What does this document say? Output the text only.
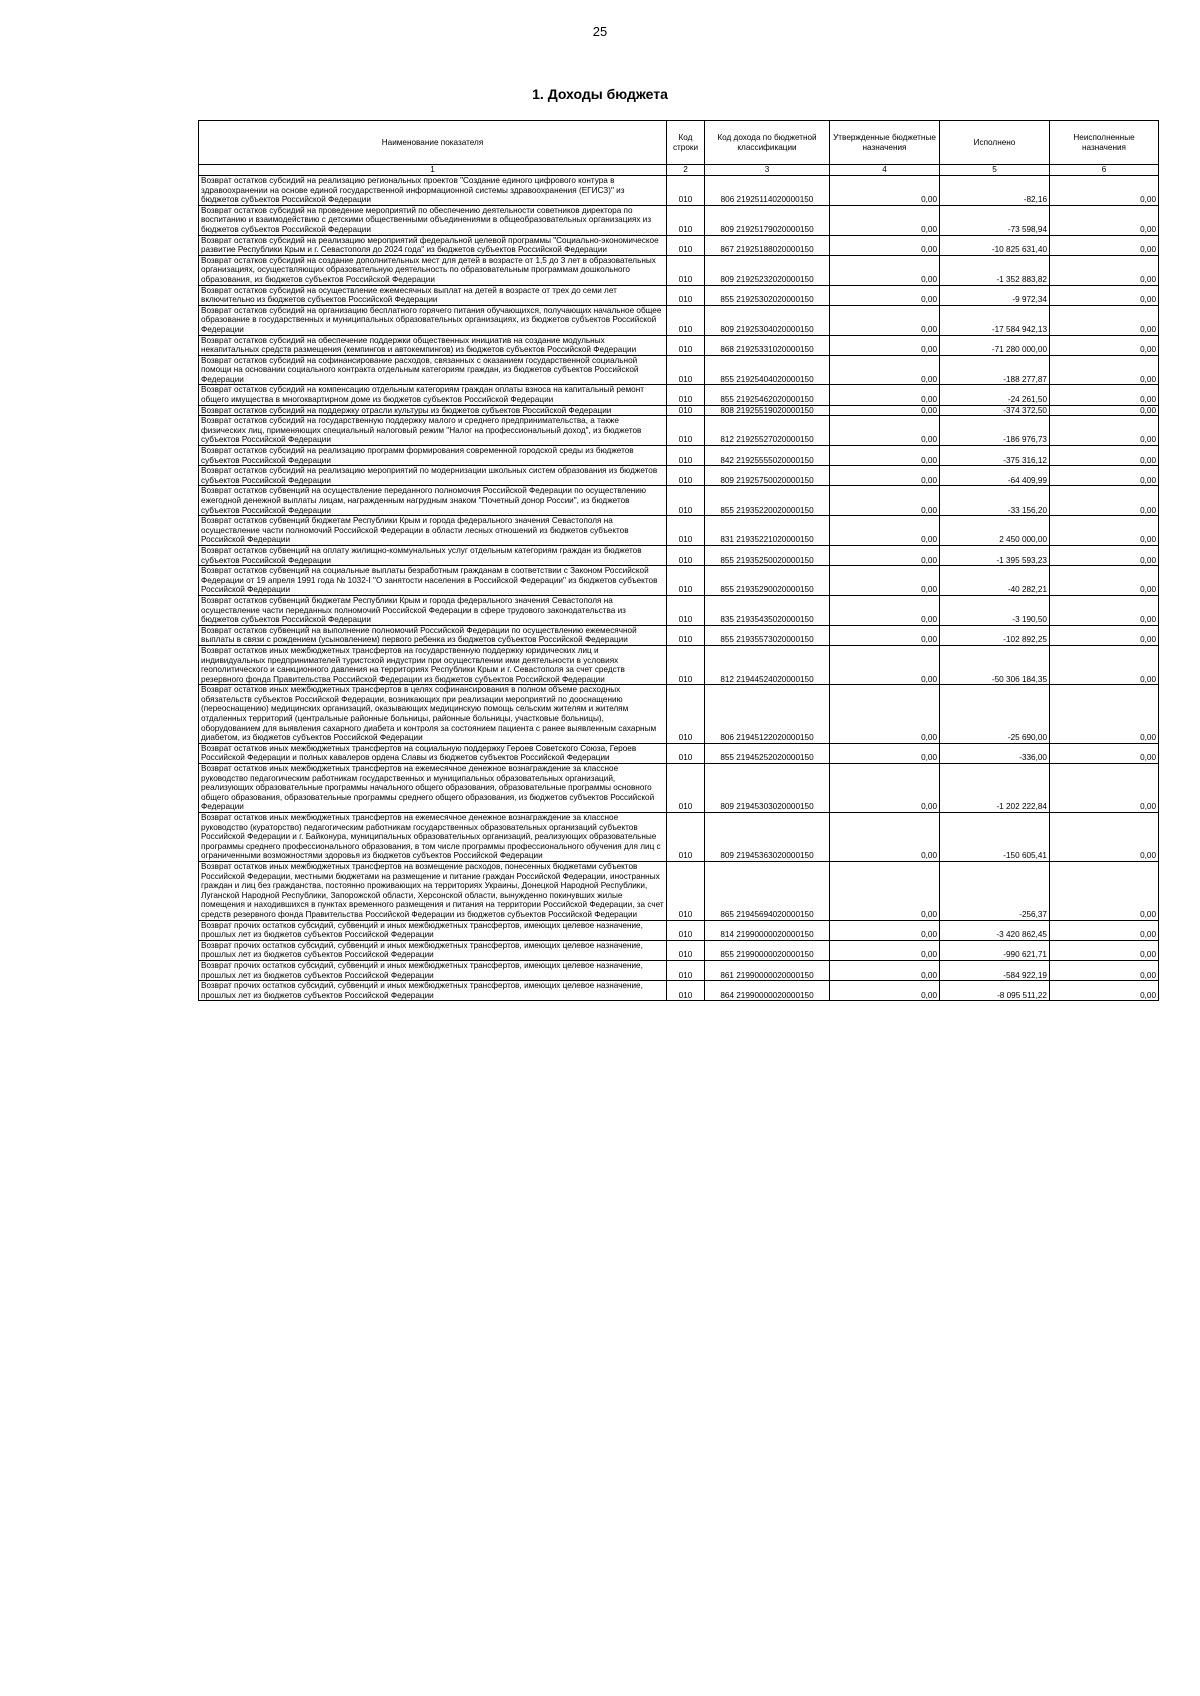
25
1. Доходы бюджета
Наименование показателя	Код строки	Код дохода по бюджетной классификации	Утвержденные бюджетные назначения	Исполнено	Неисполненные назначения
1	2	3	4	5	6
Возврат остатков субсидий на реализацию региональных проектов "Создание единого цифрового контура в здравоохранении на основе единой государственной информационной системы здравоохранения (ЕГИСЗ)" из бюджетов субъектов Российской Федерации	010	806 21925114020000150	0,00	-82,16	0,00
Возврат остатков субсидий на проведение мероприятий по обеспечению деятельности советников директора по воспитанию и взаимодействию с детскими общественными объединениями в общеобразовательных организациях из бюджетов субъектов Российской Федерации	010	809 21925179020000150	0,00	-73 598,94	0,00
Возврат остатков субсидий на реализацию мероприятий федеральной целевой программы "Социально-экономическое развитие Республики Крым и г. Севастополя до 2024 года" из бюджетов субъектов Российской Федерации	010	867 21925188020000150	0,00	-10 825 631,40	0,00
Возврат остатков субсидий на создание дополнительных мест для детей в возрасте от 1,5 до 3 лет в образовательных организациях, осуществляющих образовательную деятельность по образовательным программам дошкольного образования, из бюджетов субъектов Российской Федерации	010	809 21925232020000150	0,00	-1 352 883,82	0,00
Возврат остатков субсидий на осуществление ежемесячных выплат на детей в возрасте от трех до семи лет включительно из бюджетов субъектов Российской Федерации	010	855 21925302020000150	0,00	-9 972,34	0,00
Возврат остатков субсидий на организацию бесплатного горячего питания обучающихся, получающих начальное общее образование в государственных и муниципальных образовательных организациях, из бюджетов субъектов Российской Федерации	010	809 21925304020000150	0,00	-17 584 942,13	0,00
Возврат остатков субсидий на обеспечение поддержки общественных инициатив на создание модульных некапитальных средств размещения (кемпингов и автокемпингов) из бюджетов субъектов Российской Федерации	010	868 21925331020000150	0,00	-71 280 000,00	0,00
Возврат остатков субсидий на софинансирование расходов, связанных с оказанием государственной социальной помощи на основании социального контракта отдельным категориям граждан, из бюджетов субъектов Российской Федерации	010	855 21925404020000150	0,00	-188 277,87	0,00
Возврат остатков субсидий на компенсацию отдельным категориям граждан оплаты взноса на капитальный ремонт общего имущества в многоквартирном доме из бюджетов субъектов Российской Федерации	010	855 21925462020000150	0,00	-24 261,50	0,00
Возврат остатков субсидий на поддержку отрасли культуры из бюджетов субъектов Российской Федерации	010	808 21925519020000150	0,00	-374 372,50	0,00
Возврат остатков субсидий на государственную поддержку малого и среднего предпринимательства, а также физических лиц, применяющих специальный налоговый режим "Налог на профессиональный доход", из бюджетов субъектов Российской Федерации	010	812 21925527020000150	0,00	-186 976,73	0,00
Возврат остатков субсидий на реализацию программ формирования современной городской среды из бюджетов субъектов Российской Федерации	010	842 21925555020000150	0,00	-375 316,12	0,00
Возврат остатков субсидий на реализацию мероприятий по модернизации школьных систем образования из бюджетов субъектов Российской Федерации	010	809 21925750020000150	0,00	-64 409,99	0,00
Возврат остатков субвенций на осуществление переданного полномочия Российской Федерации по осуществлению ежегодной денежной выплаты лицам, награжденным нагрудным знаком "Почетный донор России", из бюджетов субъектов Российской Федерации	010	855 21935220020000150	0,00	-33 156,20	0,00
Возврат остатков субвенций бюджетам Республики Крым и города федерального значения Севастополя на осуществление части полномочий Российской Федерации в области лесных отношений из бюджетов субъектов Российской Федерации	010	831 21935221020000150	0,00	2 450 000,00	0,00
Возврат остатков субвенций на оплату жилищно-коммунальных услуг отдельным категориям граждан из бюджетов субъектов Российской Федерации	010	855 21935250020000150	0,00	-1 395 593,23	0,00
Возврат остатков субвенций на социальные выплаты безработным гражданам в соответствии с Законом Российской Федерации от 19 апреля 1991 года № 1032-I "О занятости населения в Российской Федерации" из бюджетов субъектов Российской Федерации	010	855 21935290020000150	0,00	-40 282,21	0,00
Возврат остатков субвенций бюджетам Республики Крым и города федерального значения Севастополя на осуществление части переданных полномочий Российской Федерации в сфере трудового законодательства из бюджетов субъектов Российской Федерации	010	835 21935435020000150	0,00	-3 190,50	0,00
Возврат остатков субвенций на выполнение полномочий Российской Федерации по осуществлению ежемесячной выплаты в связи с рождением (усыновлением) первого ребенка из бюджетов субъектов Российской Федерации	010	855 21935573020000150	0,00	-102 892,25	0,00
Возврат остатков иных межбюджетных трансфертов на государственную поддержку юридических лиц и индивидуальных предпринимателей туристской индустрии при осуществлении ими деятельности в условиях геополитического и санкционного давления на территориях Республики Крым и г. Севастополя за счет средств резервного фонда Правительства Российской Федерации из бюджетов субъектов Российской Федерации	010	812 21944524020000150	0,00	-50 306 184,35	0,00
Возврат остатков иных межбюджетных трансфертов в целях софинансирования в полном объеме расходных обязательств субъектов Российской Федерации, возникающих при реализации мероприятий по дооснащению (переоснащению) медицинских организаций, оказывающих медицинскую помощь сельским жителям и жителям отдаленных территорий (центральные районные больницы, районные больницы, участковые больницы), оборудованием для выявления сахарного диабета и контроля за состоянием пациента с ранее выявленным сахарным диабетом, из бюджетов субъектов Российской Федерации	010	806 21945122020000150	0,00	-25 690,00	0,00
Возврат остатков иных межбюджетных трансфертов на социальную поддержку Героев Советского Союза, Героев Российской Федерации и полных кавалеров ордена Славы из бюджетов субъектов Российской Федерации	010	855 21945252020000150	0,00	-336,00	0,00
Возврат остатков иных межбюджетных трансфертов на ежемесячное денежное вознаграждение за классное руководство педагогическим работникам государственных и муниципальных образовательных организаций, реализующих образовательные программы начального общего образования, образовательные программы основного общего образования, образовательные программы среднего общего образования, из бюджетов субъектов Российской Федерации	010	809 21945303020000150	0,00	-1 202 222,84	0,00
Возврат остатков иных межбюджетных трансфертов на ежемесячное денежное вознаграждение за классное руководство (кураторство) педагогическим работникам государственных образовательных организаций субъектов Российской Федерации и г. Байконура, муниципальных образовательных организаций, реализующих образовательные программы среднего профессионального образования, в том числе программы профессионального обучения для лиц с ограниченными возможностями здоровья из бюджетов субъектов Российской Федерации	010	809 21945363020000150	0,00	-150 605,41	0,00
Возврат остатков иных межбюджетных трансфертов на возмещение расходов, понесенных бюджетами субъектов Российской Федерации, местными бюджетами на размещение и питание граждан Российской Федерации, иностранных граждан и лиц без гражданства, постоянно проживающих на территориях Украины, Донецкой Народной Республики, Луганской Народной Республики, Запорожской области, Херсонской области, вынужденно покинувших жилые помещения и находившихся в пунктах временного размещения и питания на территории Российской Федерации, за счет средств резервного фонда Правительства Российской Федерации из бюджетов субъектов Российской Федерации	010	865 21945694020000150	0,00	-256,37	0,00
Возврат прочих остатков субсидий, субвенций и иных межбюджетных трансфертов, имеющих целевое назначение, прошлых лет из бюджетов субъектов Российской Федерации	010	814 21990000020000150	0,00	-3 420 862,45	0,00
Возврат прочих остатков субсидий, субвенций и иных межбюджетных трансфертов, имеющих целевое назначение, прошлых лет из бюджетов субъектов Российской Федерации	010	855 21990000020000150	0,00	-990 621,71	0,00
Возврат прочих остатков субсидий, субвенций и иных межбюджетных трансфертов, имеющих целевое назначение, прошлых лет из бюджетов субъектов Российской Федерации	010	861 21990000020000150	0,00	-584 922,19	0,00
Возврат прочих остатков субсидий, субвенций и иных межбюджетных трансфертов, имеющих целевое назначение, прошлых лет из бюджетов субъектов Российской Федерации	010	864 21990000020000150	0,00	-8 095 511,22	0,00
